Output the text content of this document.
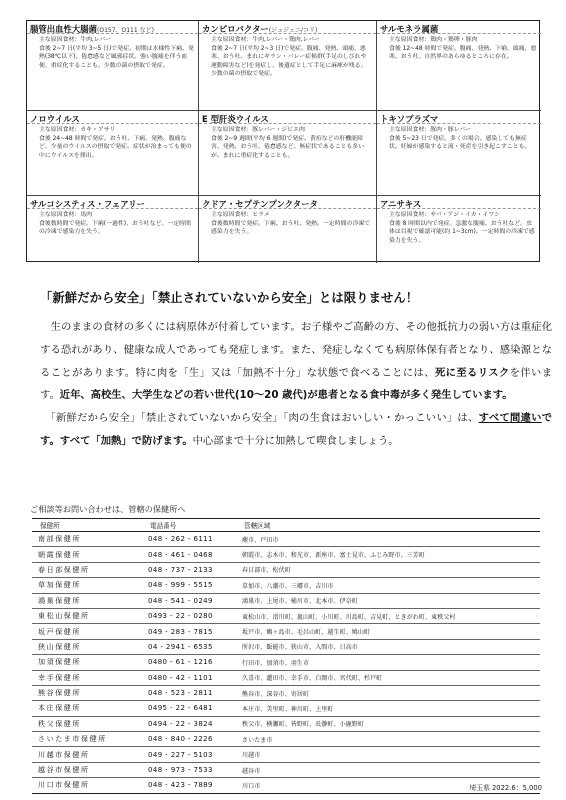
腸管出血性大腸菌(O157、O111 など)
主な原因食材：牛肉,レバー
食後 2~7 日(平均 3~5 日)で発症。初期は水様性下痢、発熱(38℃以下)、倦怠感など風邪症状。強い腹痛を伴う血便、重症化することも。少数の菌の摂取で発症。
カンピロバクター(ジェジュニ/コリ)
主な原因食材：牛肉,レバー・鶏肉,レバー
食後 2~7 日(平均 2~3 日)で発症。腹痛、発熱、頭痛、悪寒、おう吐。まれにギラン・バレー症候群(手足のしびれや運動障害など)を発症し、後遺症として手足に麻痺が残る。少数の菌の摂取で発症。
サルモネラ属菌
主な原因食材：鶏肉・鶏卵・豚肉
食後 12~48 時間で発症。腹痛、発熱、下痢、頭痛、悪寒、おう吐。自然界のあらゆるところに存在。
ノロウイルス
主な原因食材：カキ・アサリ
食後 24~48 時間で発症。おう吐、下痢、発熱、腹痛など。少量のウイルスの摂取で発症。症状が治まっても便の中にウイルスを排出。
E 型肝炎ウイルス
主な原因食材：豚レバー・ジビエ肉
食後 2~9 週間(平均 6 週間)で発症。黄疸などの肝機能障害、発熱、おう吐、倦怠感など。無症状であることも多いが、まれに重症化することも。
トキソプラズマ
主な原因食材：豚肉・豚レバー
食後 5~23 日で発症。多くの場合、感染しても無症状。妊婦が感染すると流・死産を引き起こすことも。
サルコシスティス・フェアリー
主な原因食材：馬肉
食後数時間で発症。下痢(一過性)、おう吐など。一定時間の冷凍で感染力を失う。
クドア・セプテンプンクタータ
主な原因食材：ヒラメ
食後数時間で発症。下痢、おう吐、発熱。一定時間の冷凍で感染力を失う。
アニサキス
主な原因食材：サバ・アジ・イカ・イワシ
食後 8 時間以内で発症。急激な腹痛、おう吐など。虫体は目視で確認可能(約 1~3cm)。一定時間の冷凍で感染力を失う。
「新鮮だから安全」「禁止されていないから安全」とは限りません！

　生のままの食材の多くには病原体が付着しています。お子様やご高齢の方、その他抵抗力の弱い方は重症化する恐れがあり、健康な成人であっても発症します。また、発症しなくても病原体保有者となり、感染源となることがあります。特に肉を「生」又は「加熱不十分」な状態で食べることには、死に至るリスクを伴います。近年、高校生、大学生などの若い世代(10～20 歳代)が患者となる食中毒が多く発生しています。

　「新鮮だから安全」「禁止されていないから安全」「肉の生食はおいしい・かっこいい」は、すべて間違いです。すべて「加熱」で防げます。中心部まで十分に加熱して喫食しましょう。

ご相談等お問い合わせは、管轄の保健所へ
保健所	電話番号	管轄区域
南部保健所	048 - 262 - 6111	蕨市、戸田市
朝霞保健所	048 - 461 - 0468	朝霞市、志木市、和光市、新座市、富士見市、ふじみ野市、三芳町
春日部保健所	048 - 737 - 2133	春日部市、松伏町
草加保健所	048 - 999 - 5515	草加市、八潮市、三郷市、吉川市
鴻巣保健所	048 - 541 - 0249	鴻巣市、上尾市、桶川市、北本市、伊奈町
東松山保健所	0493 - 22 - 0280	東松山市、滑川町、嵐山町、小川町、川島町、吉見町、ときがわ町、東秩父村
坂戸保健所	049 - 283 - 7815	坂戸市、鶴ヶ島市、毛呂山町、越生町、鳩山町
狭山保健所	04 - 2941 - 6535	所沢市、飯能市、狭山市、入間市、日高市
加須保健所	0480 - 61 - 1216	行田市、加須市、羽生市
幸手保健所	0480 - 42 - 1101	久喜市、蓮田市、幸手市、白岡市、宮代町、杉戸町
熊谷保健所	048 - 523 - 2811	熊谷市、深谷市、寄居町
本庄保健所	0495 - 22 - 6481	本庄市、美里町、神川町、上里町
秩父保健所	0494 - 22 - 3824	秩父市、横瀬町、皆野町、長瀞町、小鹿野町
さいたま市保健所	048 - 840 - 2226	さいたま市
川越市保健所	049 - 227 - 5103	川越市
越谷市保健所	048 - 973 - 7533	越谷市
川口市保健所	048 - 423 - 7889	川口市	埼玉県 2022.6：5,000
